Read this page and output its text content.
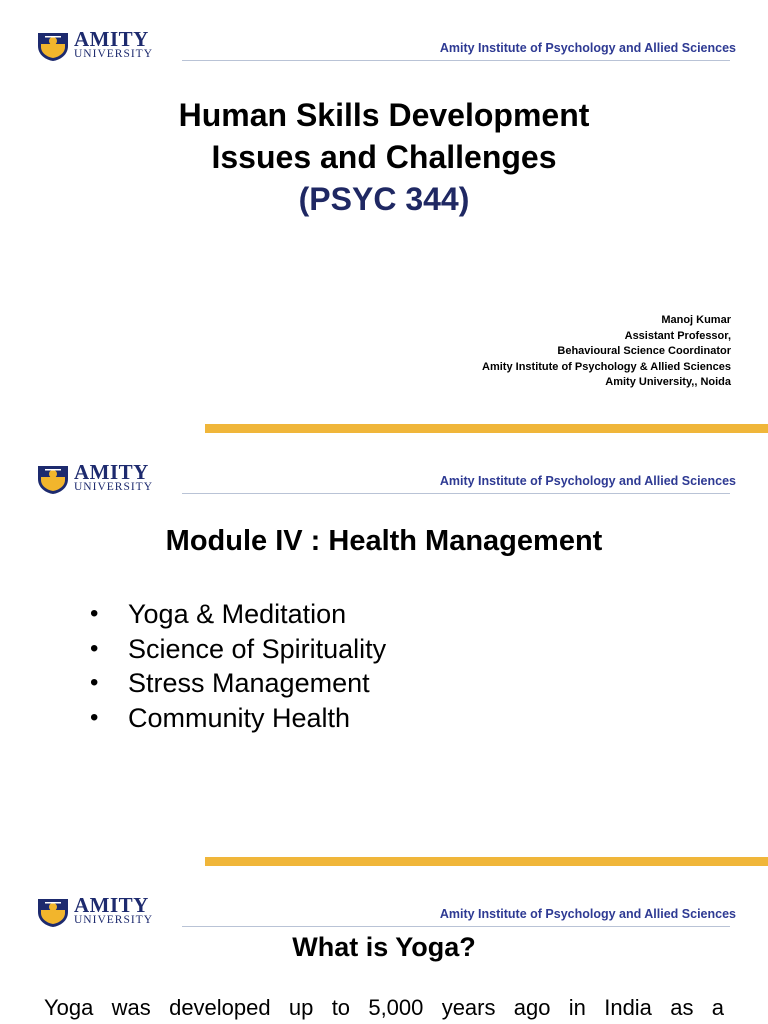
AMITY
UNIVERSITY	Amity Institute of Psychology and Allied Sciences

Human Skills Development

Issues and Challenges

(PSYC 344)

Manoj Kumar
Assistant Professor,
Behavioural Science Coordinator
Amity Institute of Psychology & Allied Sciences
Amity University,, Noida
AMITY
UNIVERSITY	Amity Institute of Psychology and Allied Sciences
Module IV : Health Management
• Yoga & Meditation
• Science of Spirituality
• Stress Management
• Community Health
AMITY
UNIVERSITY	Amity Institute of Psychology and Allied Sciences
What is Yoga?

Yoga was developed up to 5,000 years ago in India as a
